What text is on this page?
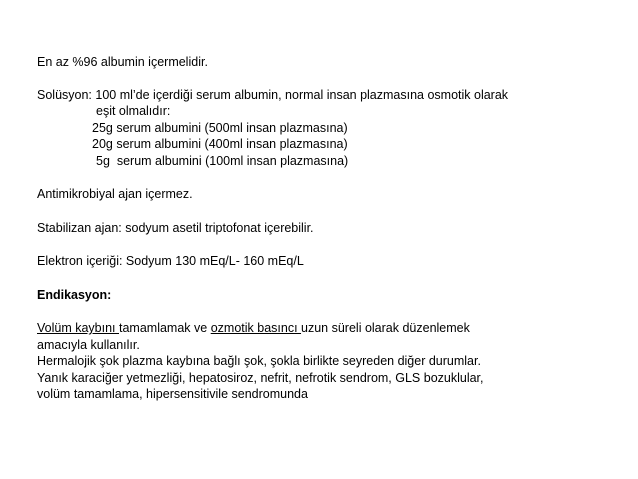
En az %96 albumin içermelidir.
Solüsyon: 100 ml’de içerdiği serum albumin, normal insan plazmasına osmotik olarak
eşit olmalıdır:
25g serum albumini (500ml insan plazmasına)
20g serum albumini (400ml insan plazmasına)
5g  serum albumini (100ml insan plazmasına)
Antimikrobiyal ajan içermez.
Stabilizan ajan: sodyum asetil triptofonat içerebilir.
Elektron içeriği: Sodyum 130 mEq/L- 160 mEq/L
Endikasyon:
Volüm kaybını tamamlamak ve ozmotik basıncı uzun süreli olarak düzenlemek
amacıyla kullanılır.
Hermalojik şok plazma kaybına bağlı şok, şokla birlikte seyreden diğer durumlar.
Yanık karaciğer yetmezliği, hepatosiroz, nefrit, nefrotik sendrom, GLS bozuklular,
volüm tamamlama, hipersensitivile sendromunda
